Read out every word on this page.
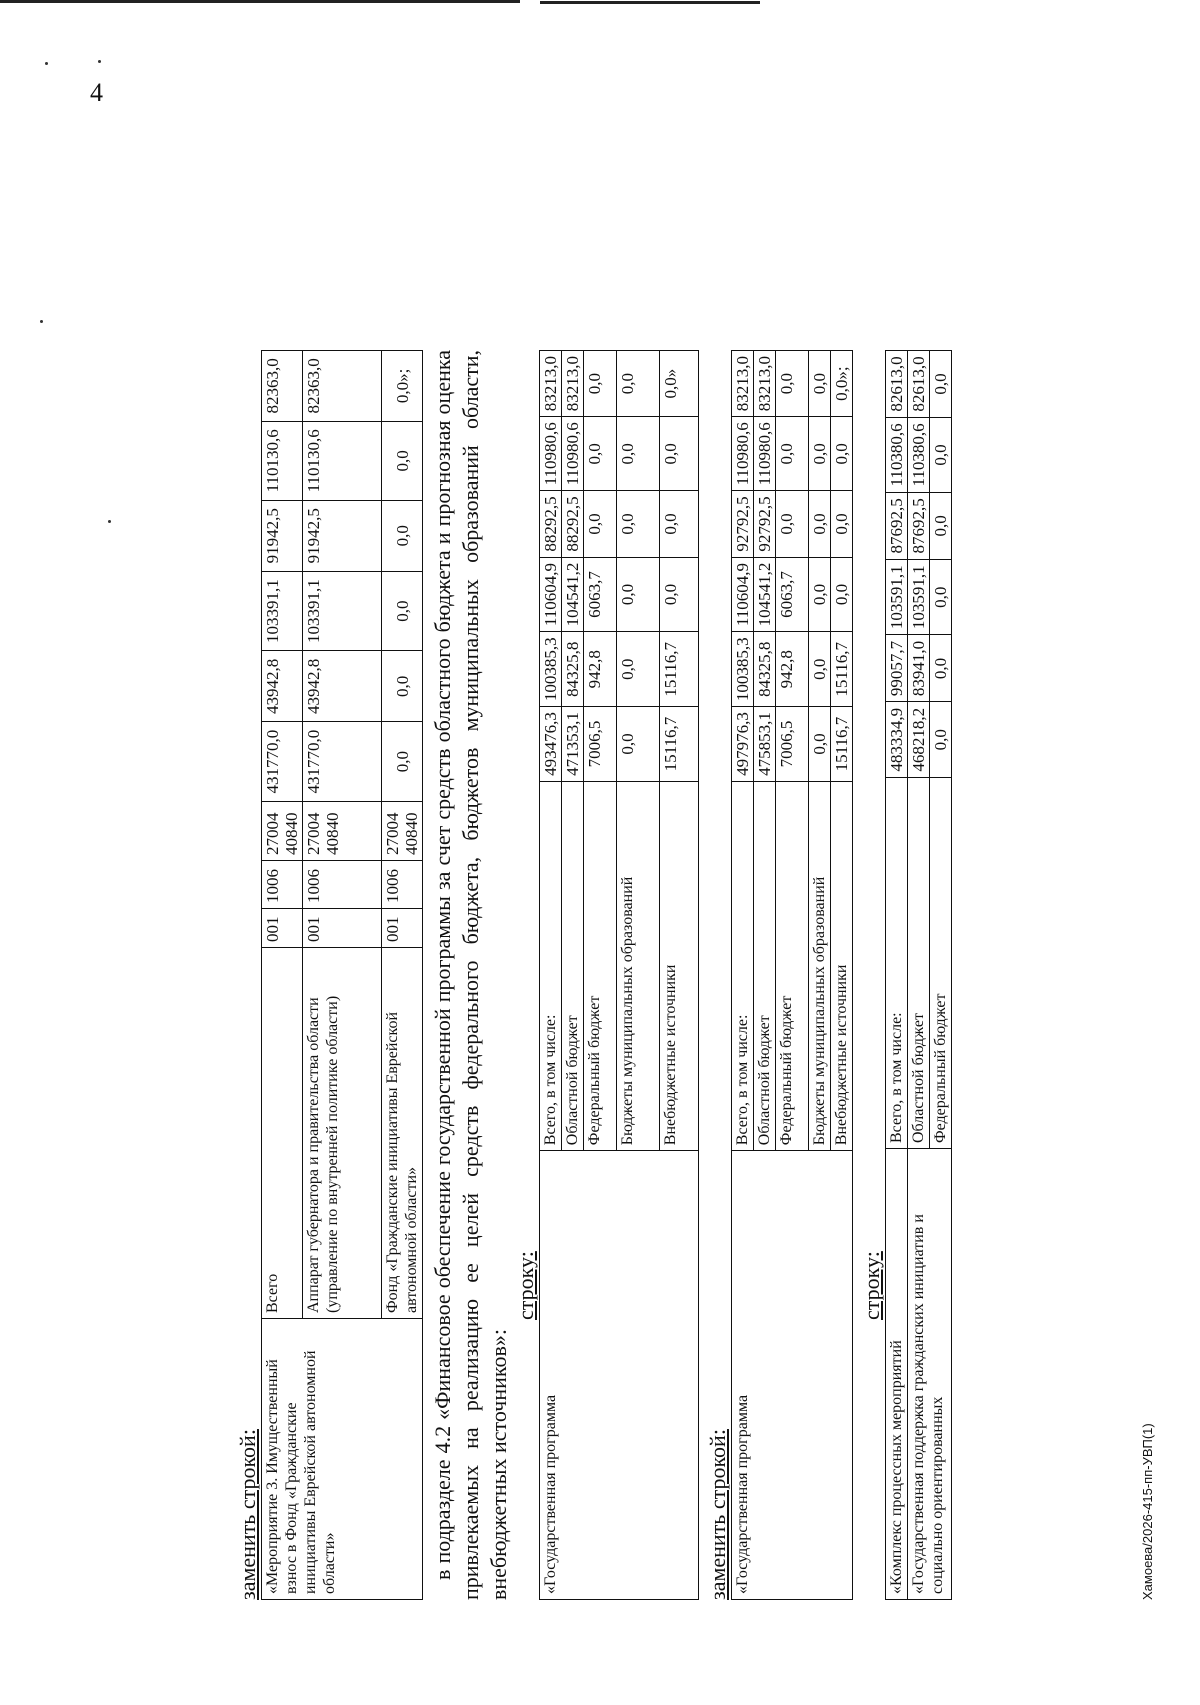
4

заменить строкой: «Мероприятие 3. Имущественный взнос в Фонд «Гражданские инициативы Еврейской автономной области»	Всего	001	1006	27004 40840	431770,0	43942,8	103391,1	91942,5	110130,6	82363,0
	Аппарат губернатора и правительства области (управление по внутренней политике области)	001	1006	27004 40840	431770,0	43942,8	103391,1	91942,5	110130,6	82363,0
	Фонд «Гражданские инициативы Еврейской автономной области»	001	1006	27004 40840	0,0	0,0	0,0	0,0	0,0	0,0»; в подразделе 4.2 «Финансовое обеспечение государственной программы за счет средств областного бюджета и прогнозная оценка привлекаемых на реализацию ее целей средств федерального бюджета, бюджетов муниципальных образований области, внебюджетных источников»:

строку:

«Государственная программа	Всего, в том числе:	493476,3	100385,3	110604,9	88292,5	110980,6	83213,0
	Областной бюджет	471353,1	84325,8	104541,2	88292,5	110980,6	83213,0
	Федеральный бюджет	7006,5	942,8	6063,7	0,0	0,0	0,0
	Бюджеты муниципальных образований	0,0	0,0	0,0	0,0	0,0	0,0
	Внебюджетные источники	15116,7	15116,7	0,0	0,0	0,0	0,0»

заменить строкой: «Государственная программа	Всего, в том числе:	497976,3	100385,3	110604,9	92792,5	110980,6	83213,0
	Областной бюджет	475853,1	84325,8	104541,2	92792,5	110980,6	83213,0
	Федеральный бюджет	7006,5	942,8	6063,7	0,0	0,0	0,0
	Бюджеты муниципальных образований	0,0	0,0	0,0	0,0	0,0	0,0
	Внебюджетные источники	15116,7	15116,7	0,0	0,0	0,0	0,0»;

строку:

«Комплекс процессных мероприятий	Всего, в том числе:	483334,9	99057,7	103591,1	87692,5	110380,6	82613,0
«Государственная поддержка гражданских инициатив и социально ориентированных	Областной бюджет	468218,2	83941,0	103591,1	87692,5	110380,6	82613,0
	Федеральный бюджет	0,0	0,0	0,0	0,0	0,0	0,0
Хамоева/2026-415-пп-УВП(1)
